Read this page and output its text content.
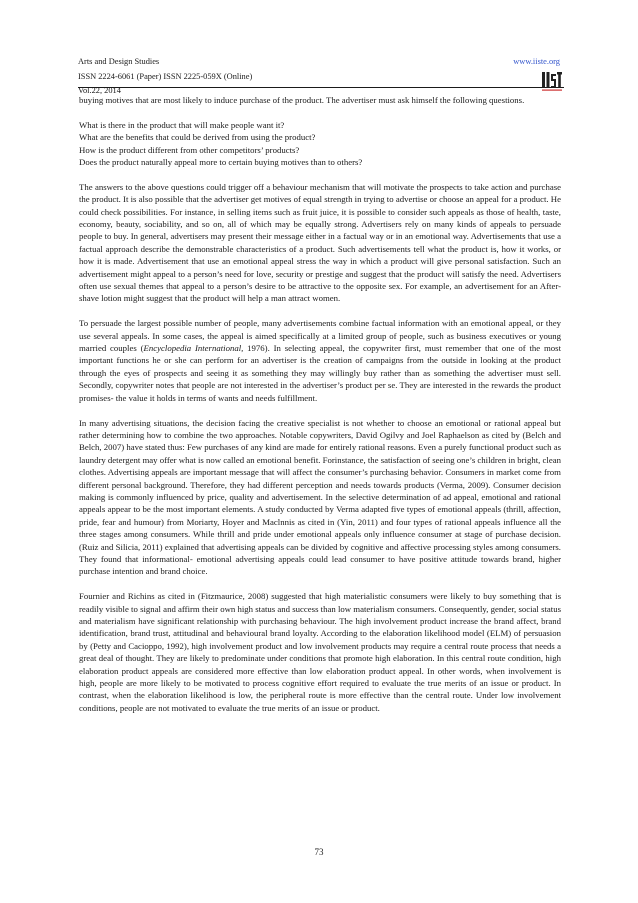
Arts and Design Studies
ISSN 2224-6061 (Paper) ISSN 2225-059X (Online)
Vol.22, 2014
www.iiste.org

buying motives that are most likely to induce purchase of the product. The advertiser must ask himself the following questions.

What is there in the product that will make people want it?

What are the benefits that could be derived from using the product?

How is the product different from other competitors’ products?

Does the product naturally appeal more to certain buying motives than to others?

The answers to the above questions could trigger off a behaviour mechanism that will motivate the prospects to take action and purchase the product. It is also possible that the advertiser get motives of equal strength in trying to advertise or choose an appeal for a product. He could check possibilities. For instance, in selling items such as fruit juice, it is possible to consider such appeals as those of health, taste, economy, beauty, sociability, and so on, all of which may be equally strong. Advertisers rely on many kinds of appeals to persuade people to buy. In general, advertisers may present their message either in a factual way or in an emotional way. Advertisements that use a factual approach describe the demonstrable characteristics of a product. Such advertisements tell what the product is, how it works, or how it is made. Advertisement that use an emotional appeal stress the way in which a product will give personal satisfaction. Such an advertisement might appeal to a person’s need for love, security or prestige and suggest that the product will satisfy the need. Advertisers often use sexual themes that appeal to a person’s desire to be attractive to the opposite sex. For example, an advertisement for an After- shave lotion might suggest that the product will help a man attract women.

To persuade the largest possible number of people, many advertisements combine factual information with an emotional appeal, or they use several appeals. In some cases, the appeal is aimed specifically at a limited group of people, such as business executives or young married couples (Encyclopedia International, 1976). In selecting appeal, the copywriter first, must remember that one of the most important functions he or she can perform for an advertiser is the creation of campaigns from the outside in looking at the product through the eyes of prospects and seeing it as something they may willingly buy rather than as something the advertiser must sell. Secondly, copywriter notes that people are not interested in the advertiser’s product per se. They are interested in the rewards the product promises- the value it holds in terms of wants and needs fulfillment.

In many advertising situations, the decision facing the creative specialist is not whether to choose an emotional or rational appeal but rather determining how to combine the two approaches. Notable copywriters, David Ogilvy and Joel Raphaelson as cited by (Belch and Belch, 2007) have stated thus: Few purchases of any kind are made for entirely rational reasons. Even a purely functional product such as laundry detergent may offer what is now called an emotional benefit. Forinstance, the satisfaction of seeing one’s children in bright, clean clothes. Advertising appeals are important message that will affect the consumer’s purchasing behavior. Consumers in market come from different personal background. Therefore, they had different perception and needs towards products (Verma, 2009). Consumer decision making is commonly influenced by price, quality and advertisement. In the selective determination of ad appeal, emotional and rational appeals appear to be the most important elements. A study conducted by Verma adapted five types of emotional appeals (thrill, affection, pride, fear and humour) from Moriarty, Hoyer and Maclnnis as cited in (Yin, 2011) and four types of rational appeals influence all the three stages among consumers. While thrill and pride under emotional appeals only influence consumer at stage of purchase decision. (Ruiz and Silicia, 2011) explained that advertising appeals can be divided by cognitive and affective processing styles among consumers. They found that informational- emotional advertising appeals could lead consumer to have positive attitude towards brand, higher purchase intention and brand choice.

Fournier and Richins as cited in (Fitzmaurice, 2008) suggested that high materialistic consumers were likely to buy something that is readily visible to signal and affirm their own high status and success than low materialism consumers. Consequently, gender, social status and materialism have significant relationship with purchasing behaviour. The high involvement product increase the brand affect, brand identification, brand trust, attitudinal and behavioural brand loyalty. According to the elaboration likelihood model (ELM) of persuasion by (Petty and Cacioppo, 1992), high involvement product and low involvement products may require a central route process that needs a great deal of thought. They are likely to predominate under conditions that promote high elaboration. In this central route condition, high elaboration product appeals are considered more effective than low elaboration product appeal. In other words, when involvement is high, people are more likely to be motivated to process cognitive effort required to evaluate the true merits of an issue or product. In contrast, when the elaboration likelihood is low, the peripheral route is more effective than the central route. Under low involvement conditions, people are not motivated to evaluate the true merits of an issue or product.

73
